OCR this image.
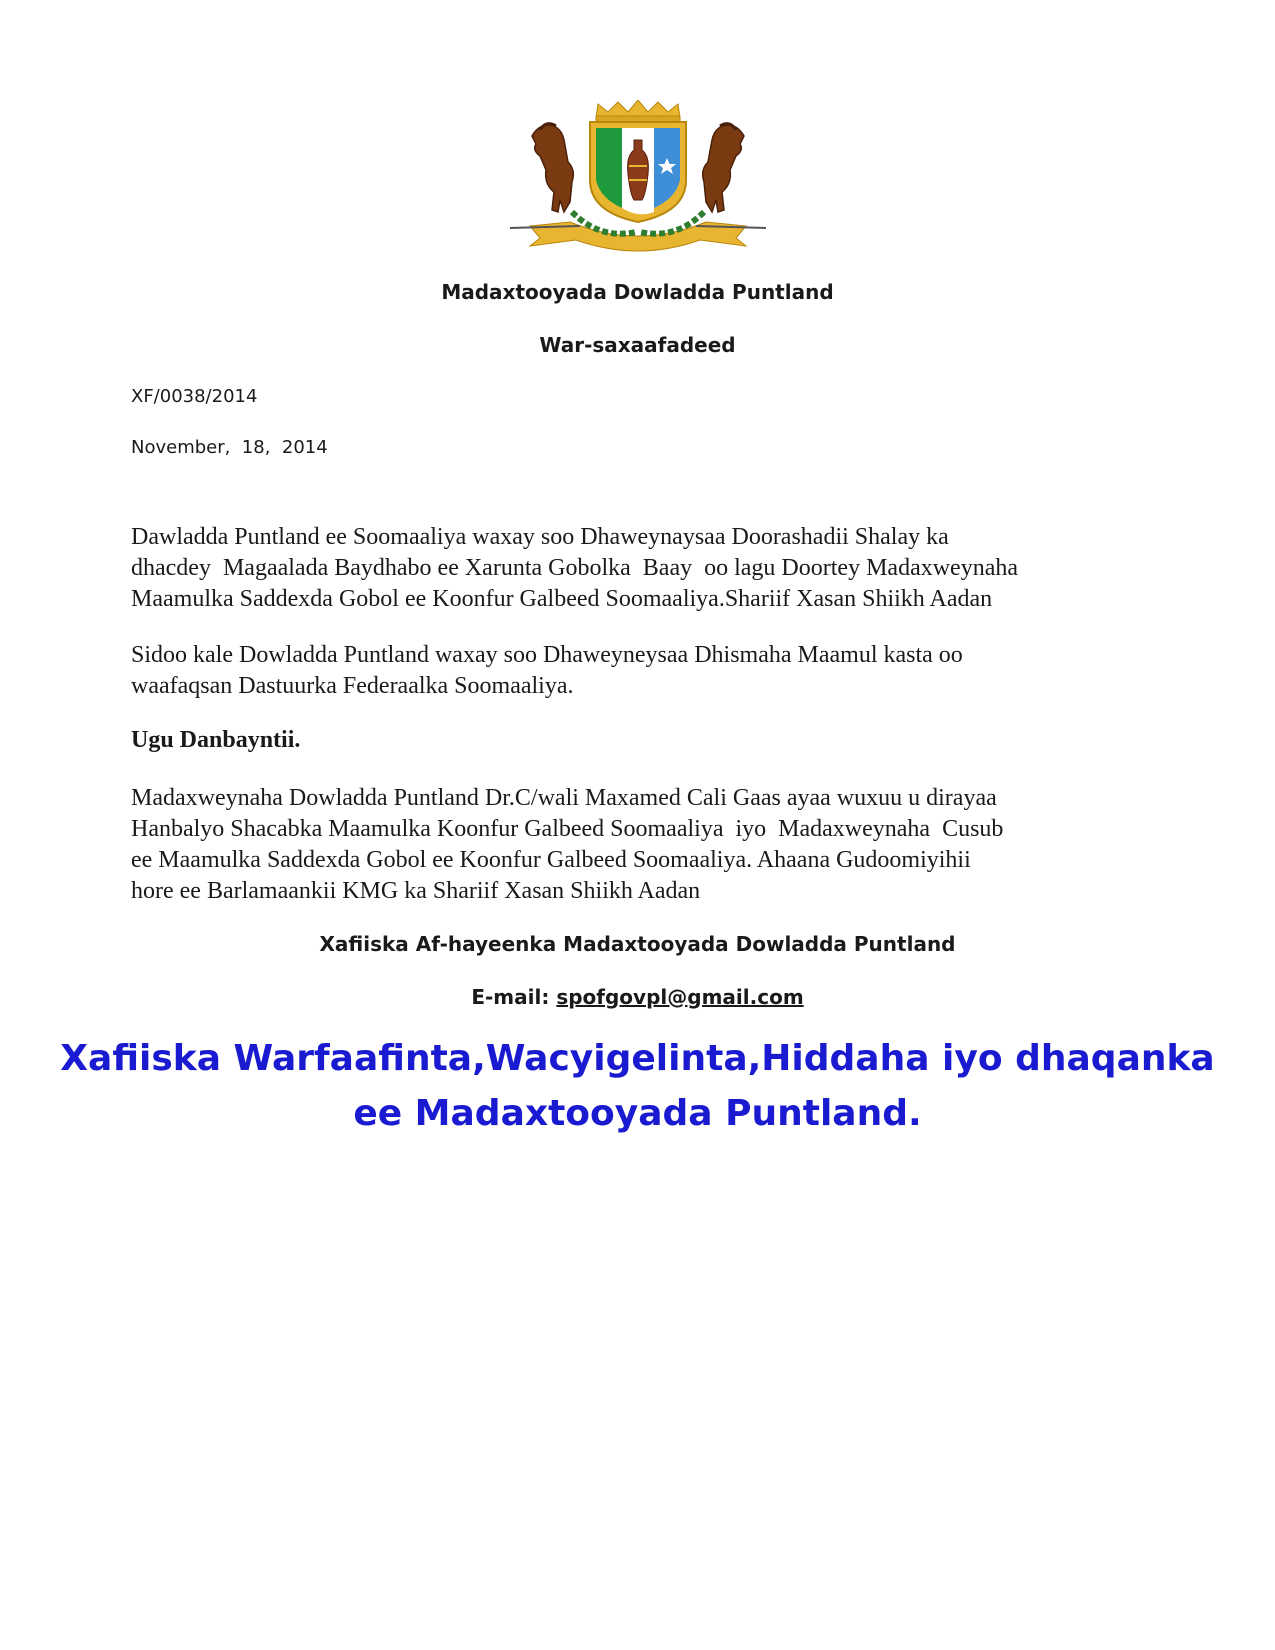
Madaxtooyada Dowladda Puntland
War-saxaafadeed
XF/0038/2014
November,  18,  2014
Dawladda Puntland ee Soomaaliya waxay soo Dhaweynaysaa Doorashadii Shalay ka
dhacdey  Magaalada Baydhabo ee Xarunta Gobolka  Baay  oo lagu Doortey Madaxweynaha
Maamulka Saddexda Gobol ee Koonfur Galbeed Soomaaliya.Shariif Xasan Shiikh Aadan
Sidoo kale Dowladda Puntland waxay soo Dhaweyneysaa Dhismaha Maamul kasta oo
waafaqsan Dastuurka Federaalka Soomaaliya.
Ugu Danbayntii.
Madaxweynaha Dowladda Puntland Dr.C/wali Maxamed Cali Gaas ayaa wuxuu u dirayaa
Hanbalyo Shacabka Maamulka Koonfur Galbeed Soomaaliya  iyo  Madaxweynaha  Cusub
ee Maamulka Saddexda Gobol ee Koonfur Galbeed Soomaaliya. Ahaana Gudoomiyihii
hore ee Barlamaankii KMG ka Shariif Xasan Shiikh Aadan
Xafiiska Af-hayeenka Madaxtooyada Dowladda Puntland
E-mail: spofgovpl@gmail.com
Xafiiska Warfaafinta,Wacyigelinta,Hiddaha iyo dhaqanka
ee Madaxtooyada Puntland.
